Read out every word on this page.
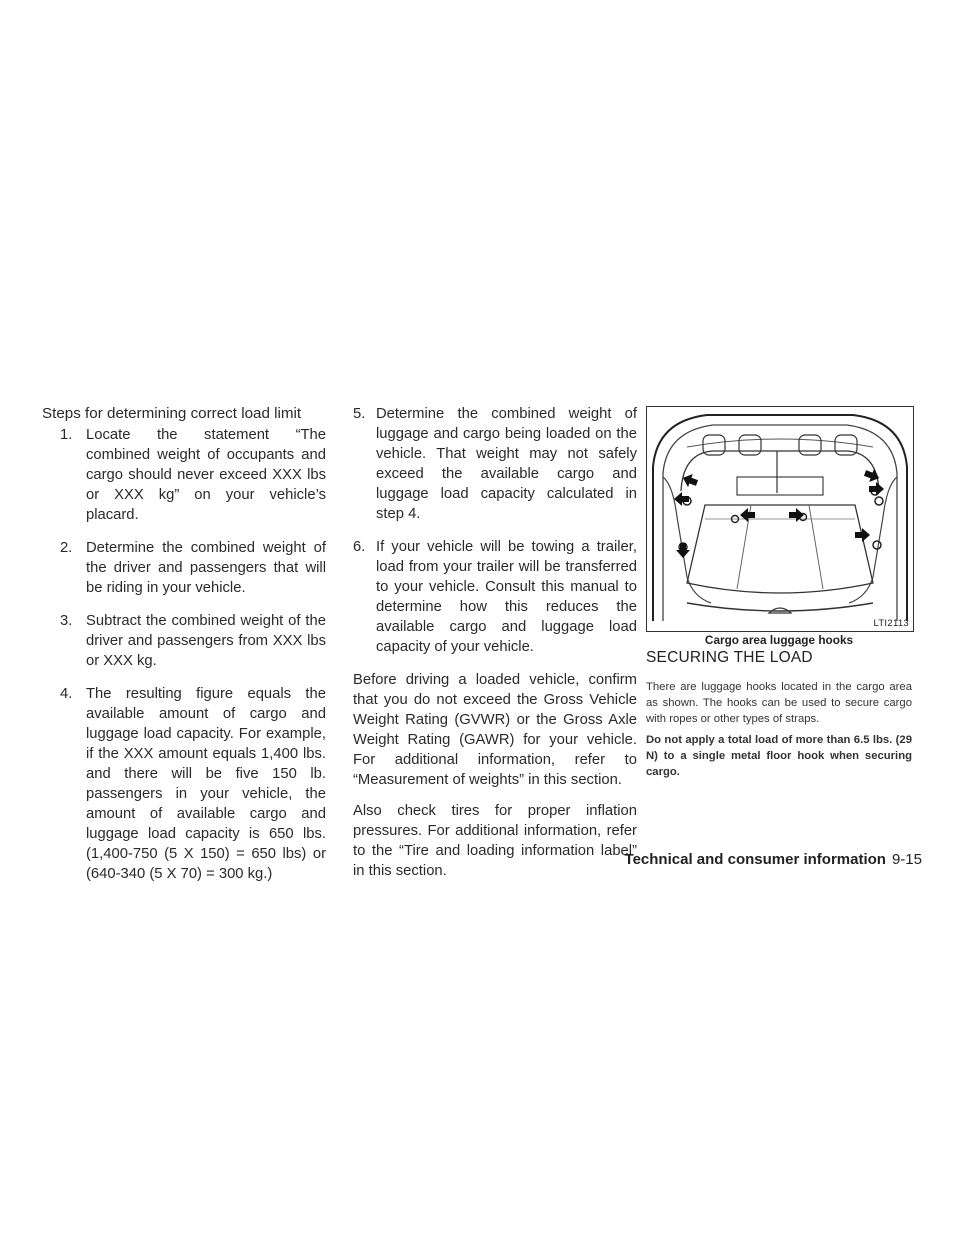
Steps for determining correct load limit
1. Locate the statement “The combined weight of occupants and cargo should never exceed XXX lbs or XXX kg” on your vehicle’s placard.
2. Determine the combined weight of the driver and passengers that will be riding in your vehicle.
3. Subtract the combined weight of the driver and passengers from XXX lbs or XXX kg.
4. The resulting figure equals the available amount of cargo and luggage load capacity. For example, if the XXX amount equals 1,400 lbs. and there will be five 150 lb. passengers in your vehicle, the amount of available cargo and luggage load capacity is 650 lbs. (1,400-750 (5 X 150) = 650 lbs) or (640-340 (5 X 70) = 300 kg.)
5. Determine the combined weight of luggage and cargo being loaded on the vehicle. That weight may not safely exceed the available cargo and luggage load capacity calculated in step 4.
6. If your vehicle will be towing a trailer, load from your trailer will be transferred to your vehicle. Consult this manual to determine how this reduces the available cargo and luggage load capacity of your vehicle.

Before driving a loaded vehicle, confirm that you do not exceed the Gross Vehicle Weight Rating (GVWR) or the Gross Axle Weight Rating (GAWR) for your vehicle. For additional information, refer to “Measurement of weights” in this section.

Also check tires for proper inflation pressures. For additional information, refer to the “Tire and loading information label” in this section.

LTI2113
Cargo area luggage hooks
SECURING THE LOAD

There are luggage hooks located in the cargo area as shown. The hooks can be used to secure cargo with ropes or other types of straps.

Do not apply a total load of more than 6.5 lbs. (29 N) to a single metal floor hook when securing cargo.

Technical and consumer information 9-15
